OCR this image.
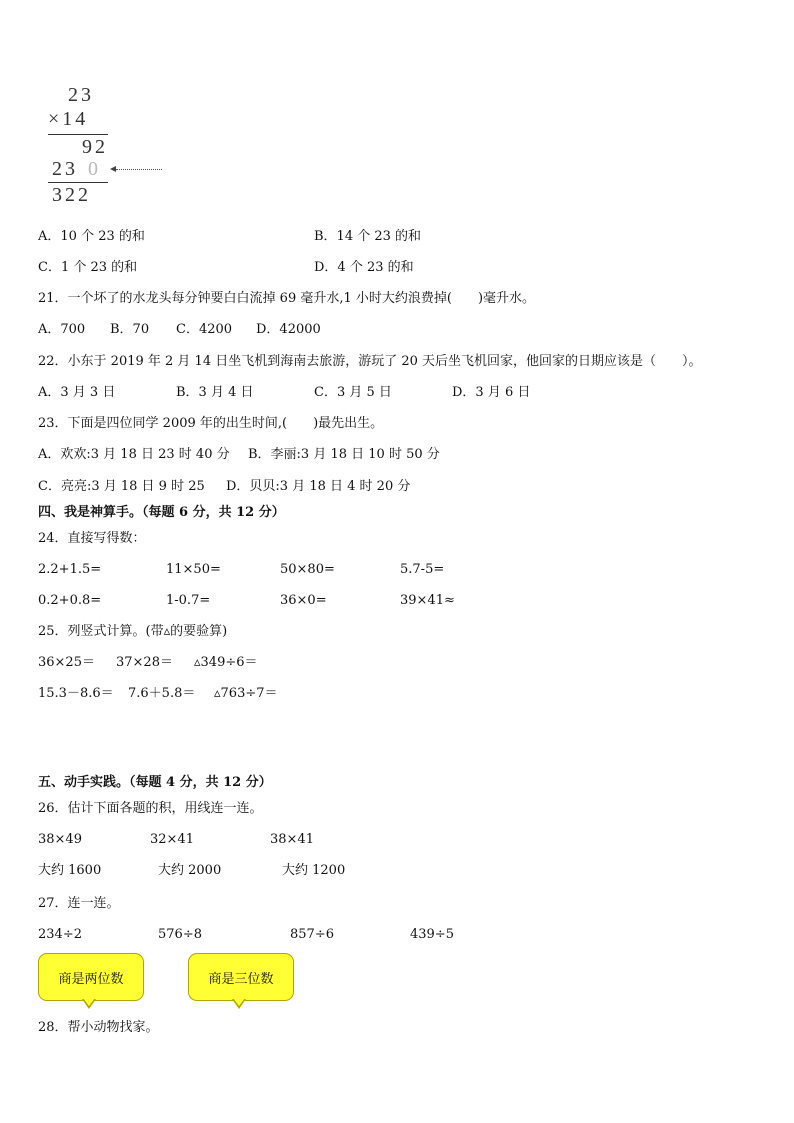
23
×14
92
23 0
322
A．10 个 23 的和	B．14 个 23 的和
C．1 个 23 的和	D．4 个 23 的和
21．一个坏了的水龙头每分钟要白白流掉 69 毫升水,1 小时大约浪费掉(　　)毫升水。
A．700 B．70 C．4200 D．42000
22．小东于 2019 年 2 月 14 日坐飞机到海南去旅游，游玩了 20 天后坐飞机回家，他回家的日期应该是（　　）。
A．3 月 3 日	B．3 月 4 日	C．3 月 5 日	D．3 月 6 日
23．下面是四位同学 2009 年的出生时间,(　　)最先出生。
A．欢欢:3 月 18 日 23 时 40 分 B．李丽:3 月 18 日 10 时 50 分
C．亮亮:3 月 18 日 9 时 25 D．贝贝:3 月 18 日 4 时 20 分
四、我是神算手。（每题 6 分，共 12 分）
24．直接写得数：
2.2+1.5=	11×50=	50×80=	5.7-5=
0.2+0.8=	1-0.7=	36×0=	39×41≈
25．列竖式计算。(带▵的要验算)
36×25＝ 37×28＝ ▵349÷6＝
15.3－8.6＝ 7.6＋5.8＝ ▵763÷7＝
五、动手实践。（每题 4 分，共 12 分）
26．估计下面各题的积，用线连一连。
38×49	32×41	38×41
大约 1600	大约 2000	大约 1200
27．连一连。
234÷2	576÷8	857÷6	439÷5
商是两位数	商是三位数
28．帮小动物找家。
